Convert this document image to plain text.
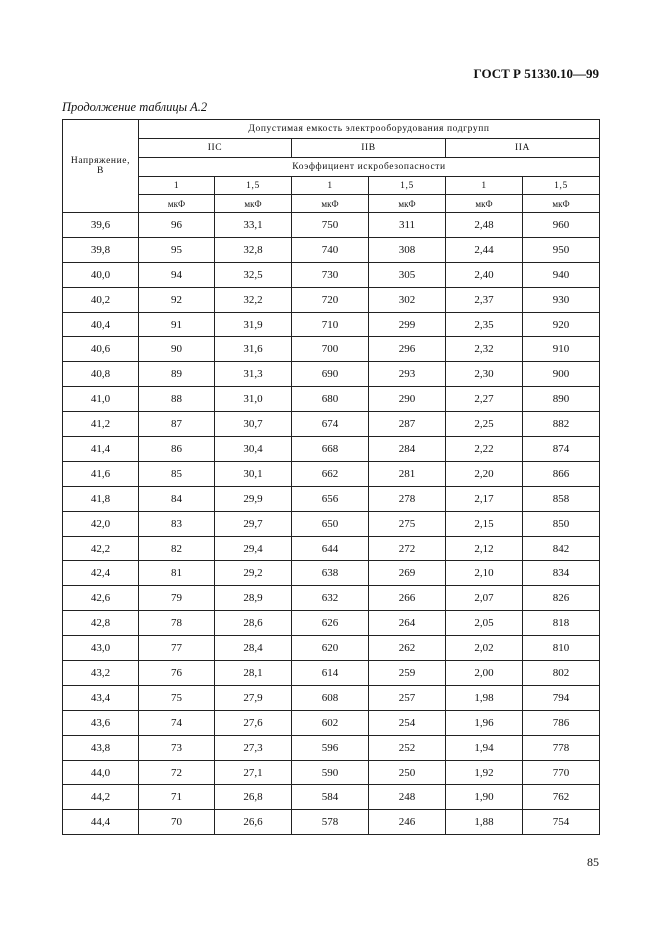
ГОСТ Р 51330.10—99
Продолжение таблицы А.2
Напряжение, В	Допустимая емкость электрооборудования подгрупп					
	IIC		IIB		IIA	
	Коэффициент искробезопасности					
	1	1,5	1	1,5	1	1,5
	мкФ	мкФ	мкФ	мкФ	мкФ	мкФ
39,6	96	33,1	750	311	2,48	960
39,8	95	32,8	740	308	2,44	950
40,0	94	32,5	730	305	2,40	940
40,2	92	32,2	720	302	2,37	930
40,4	91	31,9	710	299	2,35	920
40,6	90	31,6	700	296	2,32	910
40,8	89	31,3	690	293	2,30	900
41,0	88	31,0	680	290	2,27	890
41,2	87	30,7	674	287	2,25	882
41,4	86	30,4	668	284	2,22	874
41,6	85	30,1	662	281	2,20	866
41,8	84	29,9	656	278	2,17	858
42,0	83	29,7	650	275	2,15	850
42,2	82	29,4	644	272	2,12	842
42,4	81	29,2	638	269	2,10	834
42,6	79	28,9	632	266	2,07	826
42,8	78	28,6	626	264	2,05	818
43,0	77	28,4	620	262	2,02	810
43,2	76	28,1	614	259	2,00	802
43,4	75	27,9	608	257	1,98	794
43,6	74	27,6	602	254	1,96	786
43,8	73	27,3	596	252	1,94	778
44,0	72	27,1	590	250	1,92	770
44,2	71	26,8	584	248	1,90	762
44,4	70	26,6	578	246	1,88	754
85
